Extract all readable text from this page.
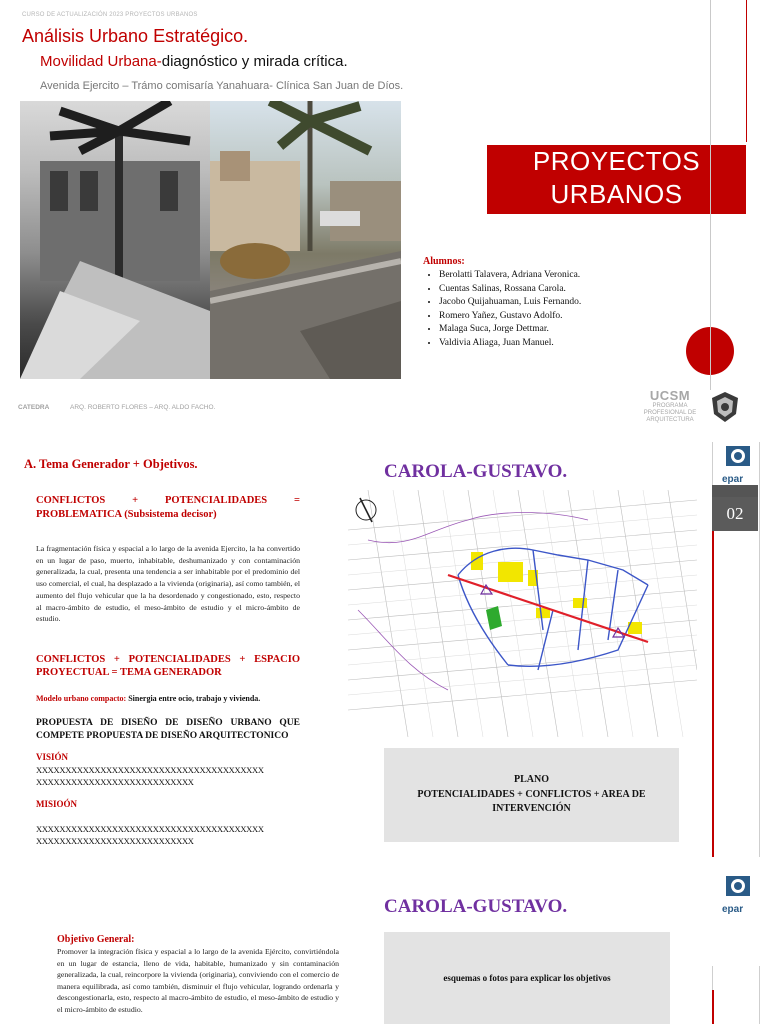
CURSO DE ACTUALIZACIÓN 2023 PROYECTOS URBANOS
Análisis Urbano Estratégico.
Movilidad Urbana-diagnóstico y mirada crítica.
Avenida Ejercito – Trámo comisaría Yanahuara- Clínica San Juan de Díos.
PROYECTOS
URBANOS
Alumnos:
• Berolatti Talavera, Adriana Veronica.
• Cuentas Salinas, Rossana Carola.
• Jacobo Quijahuaman, Luis Fernando.
• Romero Yañez, Gustavo Adolfo.
• Malaga Suca, Jorge Dettmar.
• Valdivia Aliaga, Juan Manuel.
CATEDRA	ARQ. ROBERTO FLORES – ARQ. ALDO FACHO.
UCSM
PROGRAMA
PROFESIONAL DE
ARQUITECTURA
A. Tema Generador + Objetivos.
CONFLICTOS + POTENCIALIDADES =
PROBLEMATICA (Subsistema decisor)
La fragmentación física y espacial a lo largo de la avenida Ejercito, la ha convertido en un lugar de paso, muerto, inhabitable, deshumanizado y con contaminación generalizada, la cual, presenta una tendencia a ser inhabitable por el predominio del uso comercial, el cual, ha desplazado a la vivienda (originaria), así como también, el aumento del flujo vehicular que la ha desordenado y congestionado, esto, respecto al macro-ámbito de estudio, el meso-ámbito de estudio y el micro-ámbito de estudio.
CONFLICTOS + POTENCIALIDADES + ESPACIO PROYECTUAL = TEMA GENERADOR
Modelo urbano compacto: Sinergia entre ocio, trabajo y vivienda.
PROPUESTA DE DISEÑO DE DISEÑO URBANO QUE COMPETE PROPUESTA DE DISEÑO ARQUITECTONICO
VISIÓN
XXXXXXXXXXXXXXXXXXXXXXXXXXXXXXXXXXXXXXX
XXXXXXXXXXXXXXXXXXXXXXXXXXX
MISIOÓN
XXXXXXXXXXXXXXXXXXXXXXXXXXXXXXXXXXXXXXX
XXXXXXXXXXXXXXXXXXXXXXXXXXX
CAROLA-GUSTAVO.
PLANO
POTENCIALIDADES + CONFLICTOS + AREA DE INTERVENCIÓN
epar
02
CAROLA-GUSTAVO.
Objetivo General:
Promover la integración física y espacial a lo largo de la avenida Ejército, convirtiéndola en un lugar de estancia, lleno de vida, habitable, humanizado y sin contaminación generalizada, la cual, reincorpore la vivienda (originaria), conviviendo con el comercio de manera equilibrada, así como también, disminuir el flujo vehicular, logrando ordenarla y descongestionarla, esto, respecto al macro-ámbito de estudio, el meso-ámbito de estudio y el micro-ámbito de estudio.
esquemas o fotos para explicar los objetivos
epar
